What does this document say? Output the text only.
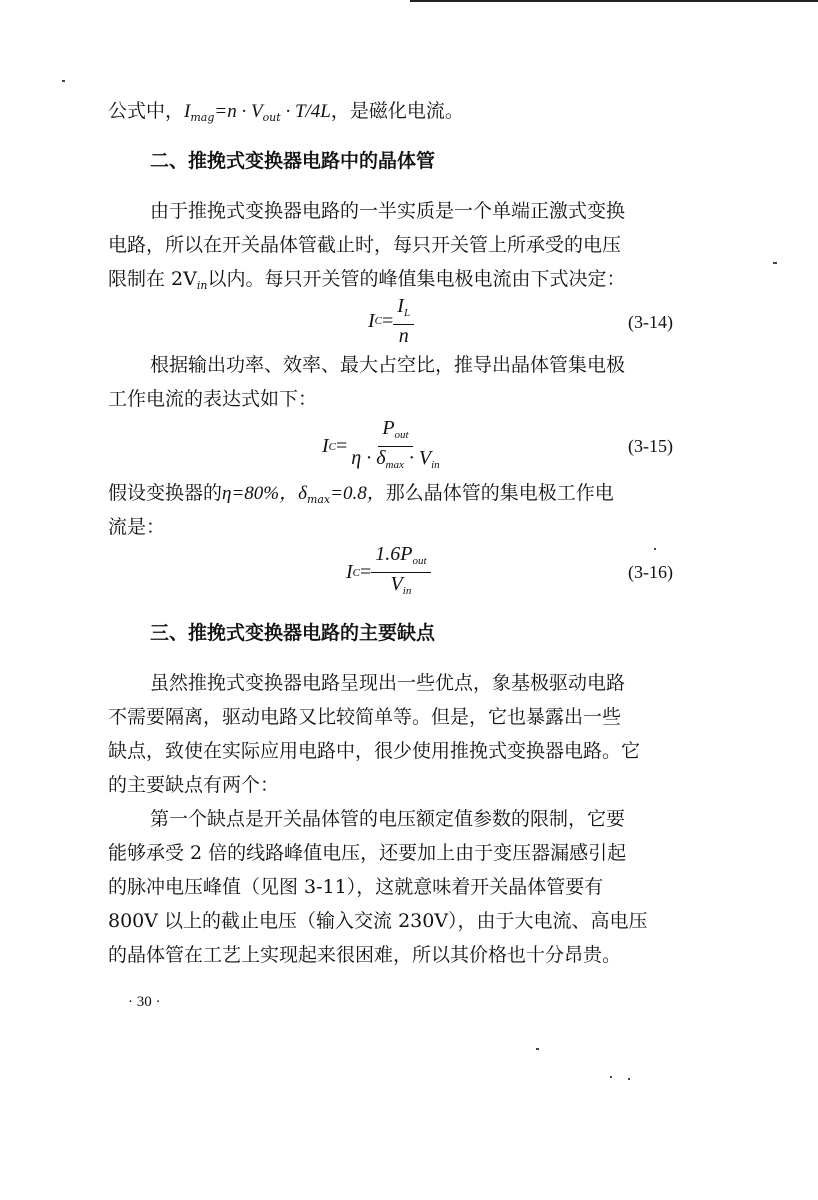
公式中，$I_{mag}=n \cdot V_{out} \cdot T/4L$，是磁化电流。
二、推挽式变换器电路中的晶体管
由于推挽式变换器电路的一半实质是一个单端正激式变换
电路，所以在开关晶体管截止时，每只开关管上所承受的电压
限制在 $2V_{in}$以内。每只开关管的峰值集电极电流由下式决定：
I $C = \frac{I_L}{n}$	(3-14)
根据输出功率、效率、最大占空比，推导出晶体管集电极
工作电流的表达式如下：
I $C = \frac{P_{out}}{\eta \cdot \delta_{max} \cdot V_{in}}$	(3-15)
假设变换器的η=80%，$\delta_{max}=0.8$，那么晶体管的集电极工作电
流是：
I $C = \frac{1.6P_{out}}{V_{in}}$	(3-16)
三、推挽式变换器电路的主要缺点
虽然推挽式变换器电路呈现出一些优点，象基极驱动电路
不需要隔离，驱动电路又比较简单等。但是，它也暴露出一些
缺点，致使在实际应用电路中，很少使用推挽式变换器电路。它
的主要缺点有两个：
第一个缺点是开关晶体管的电压额定值参数的限制，它要
能够承受 2 倍的线路峰值电压，还要加上由于变压器漏感引起
的脉冲电压峰值（见图 3-11），这就意味着开关晶体管要有
800V 以上的截止电压（输入交流 230V），由于大电流、高电压
的晶体管在工艺上实现起来很困难，所以其价格也十分昂贵。
· 30 ·
